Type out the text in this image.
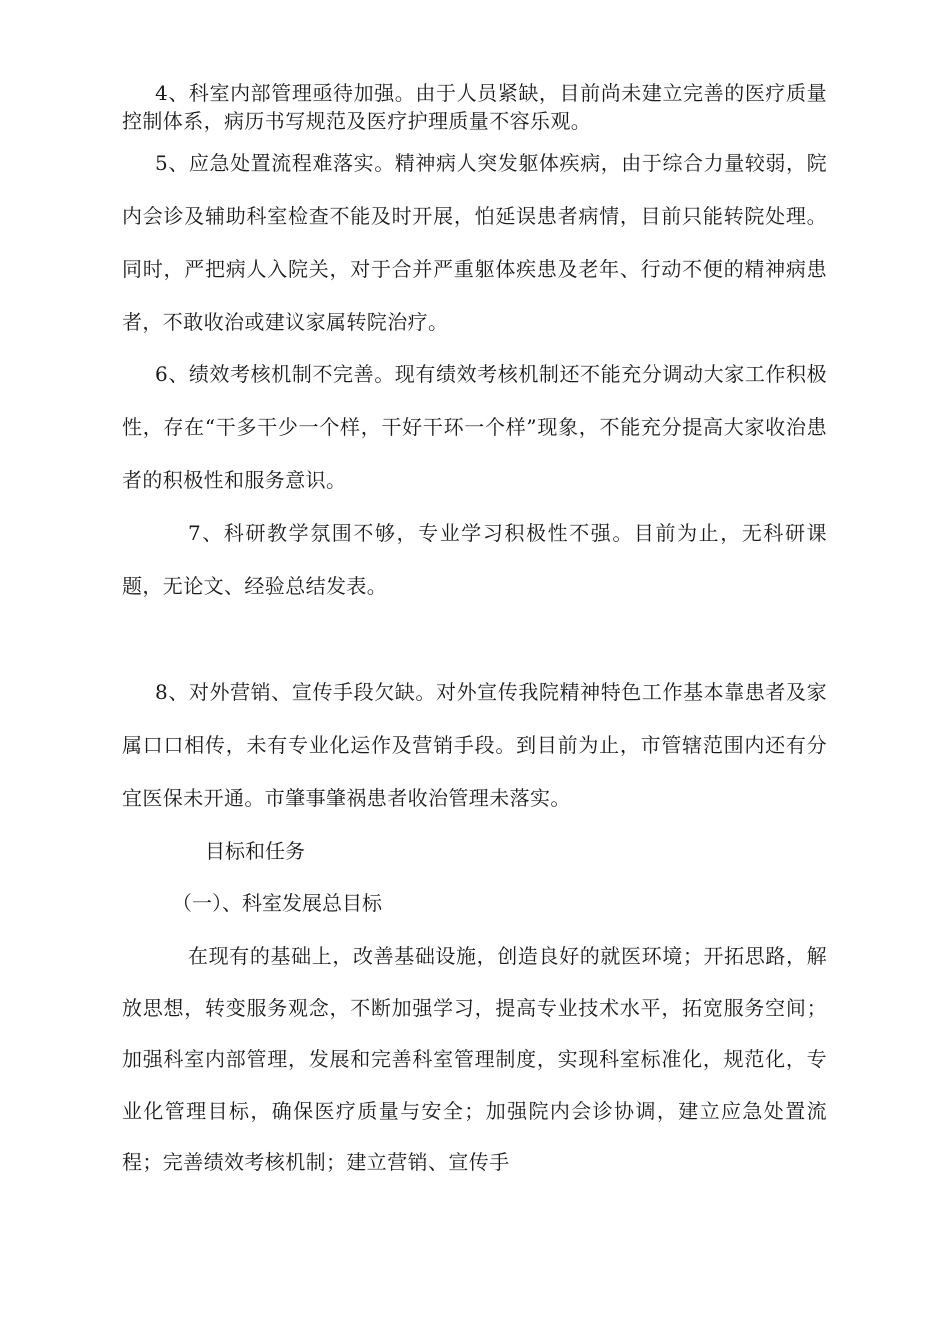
4、科室内部管理亟待加强。由于人员紧缺，目前尚未建立完善的医疗质量控制体系，病历书写规范及医疗护理质量不容乐观。

5、应急处置流程难落实。精神病人突发躯体疾病，由于综合力量较弱，院内会诊及辅助科室检查不能及时开展，怕延误患者病情，目前只能转院处理。同时，严把病人入院关，对于合并严重躯体疾患及老年、行动不便的精神病患者，不敢收治或建议家属转院治疗。

6、绩效考核机制不完善。现有绩效考核机制还不能充分调动大家工作积极性，存在“干多干少一个样，干好干环一个样”现象，不能充分提高大家收治患者的积极性和服务意识。

7、科研教学氛围不够，专业学习积极性不强。目前为止，无科研课题，无论文、经验总结发表。

8、对外营销、宣传手段欠缺。对外宣传我院精神特色工作基本靠患者及家属口口相传，未有专业化运作及营销手段。到目前为止，市管辖范围内还有分宜医保未开通。市肇事肇祸患者收治管理未落实。

目标和任务
（一）、科室发展总目标

在现有的基础上，改善基础设施，创造良好的就医环境；开拓思路，解放思想，转变服务观念，不断加强学习，提高专业技术水平，拓宽服务空间；加强科室内部管理，发展和完善科室管理制度，实现科室标准化，规范化，专业化管理目标，确保医疗质量与安全；加强院内会诊协调，建立应急处置流程；完善绩效考核机制；建立营销、宣传手
